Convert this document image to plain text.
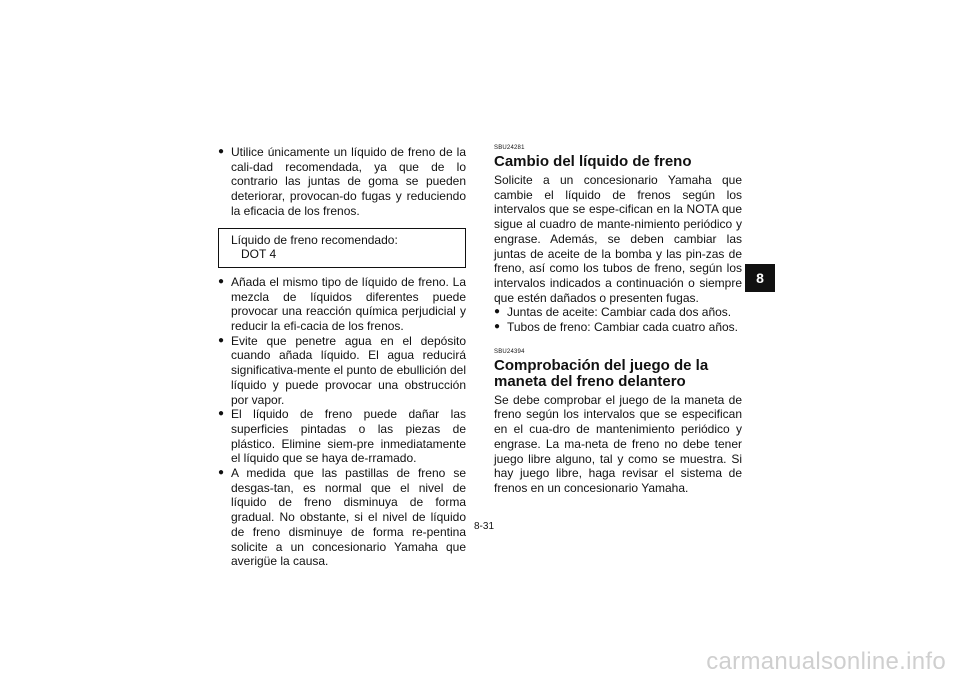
● Utilice únicamente un líquido de freno de la cali-dad recomendada, ya que de lo contrario las juntas de goma se pueden deteriorar, provocan-do fugas y reduciendo la eficacia de los frenos.
Líquido de freno recomendado:
DOT 4
● Añada el mismo tipo de líquido de freno. La mezcla de líquidos diferentes puede provocar una reacción química perjudicial y reducir la efi-cacia de los frenos.
● Evite que penetre agua en el depósito cuando añada líquido. El agua reducirá significativa-mente el punto de ebullición del líquido y puede provocar una obstrucción por vapor.
● El líquido de freno puede dañar las superficies pintadas o las piezas de plástico. Elimine siem-pre inmediatamente el líquido que se haya de-rramado.
● A medida que las pastillas de freno se desgas-tan, es normal que el nivel de líquido de freno disminuya de forma gradual. No obstante, si el nivel de líquido de freno disminuye de forma re-pentina solicite a un concesionario Yamaha que averigüe la causa.
SBU24281
Cambio del líquido de freno
Solicite a un concesionario Yamaha que cambie el líquido de frenos según los intervalos que se espe-cifican en la NOTA que sigue al cuadro de mante-nimiento periódico y engrase. Además, se deben cambiar las juntas de aceite de la bomba y las pin-zas de freno, así como los tubos de freno, según los intervalos indicados a continuación o siempre que estén dañados o presenten fugas.
● Juntas de aceite: Cambiar cada dos años.
● Tubos de freno: Cambiar cada cuatro años.
SBU24394
Comprobación del juego de la maneta del freno delantero
Se debe comprobar el juego de la maneta de freno según los intervalos que se especifican en el cua-dro de mantenimiento periódico y engrase. La ma-neta de freno no debe tener juego libre alguno, tal y como se muestra. Si hay juego libre, haga revisar el sistema de frenos en un concesionario Yamaha.
8
8-31
carmanualsonline.info
